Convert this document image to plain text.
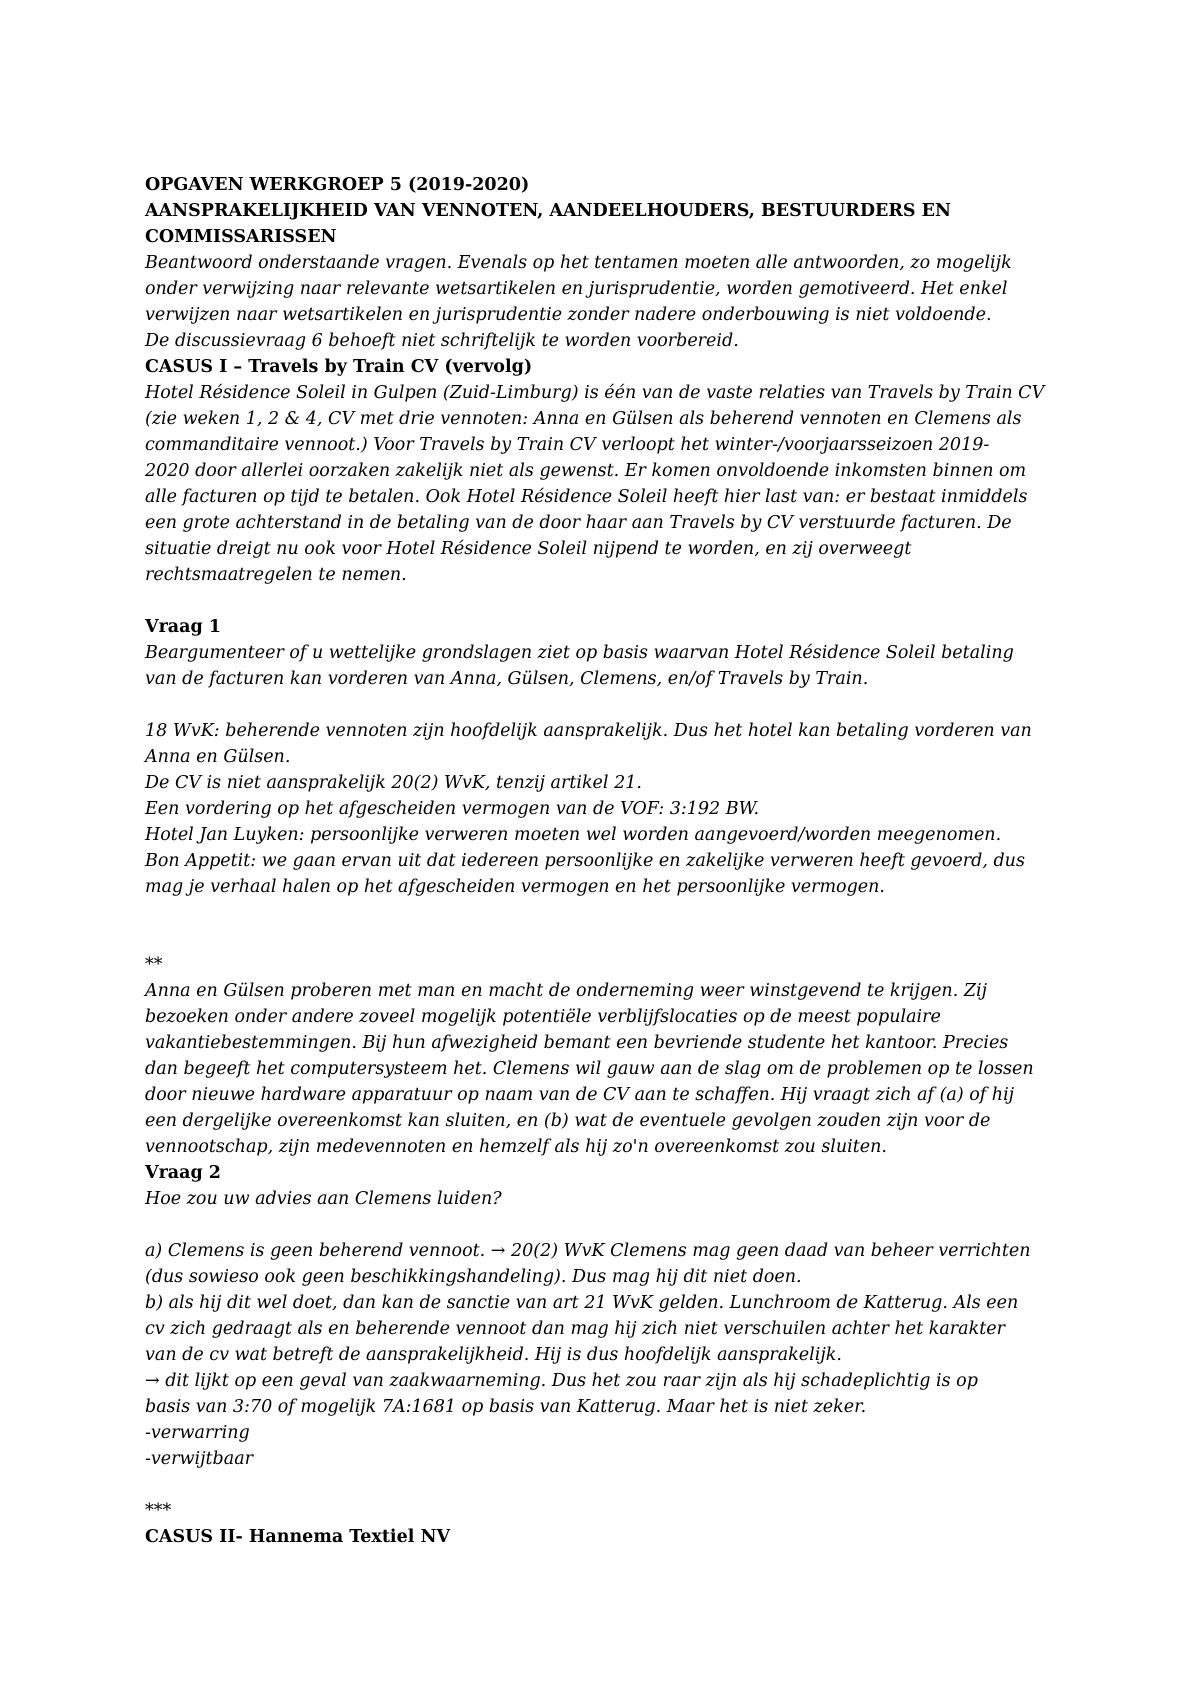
OPGAVEN WERKGROEP 5 (2019-2020)
AANSPRAKELIJKHEID VAN VENNOTEN, AANDEELHOUDERS, BESTUURDERS EN COMMISSARISSEN
Beantwoord onderstaande vragen. Evenals op het tentamen moeten alle antwoorden, zo mogelijk
onder verwijzing naar relevante wetsartikelen en jurisprudentie, worden gemotiveerd. Het enkel
verwijzen naar wetsartikelen en jurisprudentie zonder nadere onderbouwing is niet voldoende.
De discussievraag 6 behoeft niet schriftelijk te worden voorbereid.
CASUS I – Travels by Train CV (vervolg)
Hotel Résidence Soleil in Gulpen (Zuid-Limburg) is één van de vaste relaties van Travels by Train CV
(zie weken 1, 2 & 4, CV met drie vennoten: Anna en Gülsen als beherend vennoten en Clemens als
commanditaire vennoot.) Voor Travels by Train CV verloopt het winter-/voorjaarsseizoen 2019-
2020 door allerlei oorzaken zakelijk niet als gewenst. Er komen onvoldoende inkomsten binnen om
alle facturen op tijd te betalen. Ook Hotel Résidence Soleil heeft hier last van: er bestaat inmiddels
een grote achterstand in de betaling van de door haar aan Travels by CV verstuurde facturen. De
situatie dreigt nu ook voor Hotel Résidence Soleil nijpend te worden, en zij overweegt
rechtsmaatregelen te nemen.
Vraag 1
Beargumenteer of u wettelijke grondslagen ziet op basis waarvan Hotel Résidence Soleil betaling
van de facturen kan vorderen van Anna, Gülsen, Clemens, en/of Travels by Train.
18 WvK: beherende vennoten zijn hoofdelijk aansprakelijk. Dus het hotel kan betaling vorderen van
Anna en Gülsen.
De CV is niet aansprakelijk 20(2) WvK, tenzij artikel 21.
Een vordering op het afgescheiden vermogen van de VOF: 3:192 BW.
Hotel Jan Luyken: persoonlijke verweren moeten wel worden aangevoerd/worden meegenomen.
Bon Appetit: we gaan ervan uit dat iedereen persoonlijke en zakelijke verweren heeft gevoerd, dus
mag je verhaal halen op het afgescheiden vermogen en het persoonlijke vermogen.
**
Anna en Gülsen proberen met man en macht de onderneming weer winstgevend te krijgen. Zij
bezoeken onder andere zoveel mogelijk potentiële verblijfslocaties op de meest populaire
vakantiebestemmingen. Bij hun afwezigheid bemant een bevriende studente het kantoor. Precies
dan begeeft het computersysteem het. Clemens wil gauw aan de slag om de problemen op te lossen
door nieuwe hardware apparatuur op naam van de CV aan te schaffen. Hij vraagt zich af (a) of hij
een dergelijke overeenkomst kan sluiten, en (b) wat de eventuele gevolgen zouden zijn voor de
vennootschap, zijn medevennoten en hemzelf als hij zo'n overeenkomst zou sluiten.
Vraag 2
Hoe zou uw advies aan Clemens luiden?
a) Clemens is geen beherend vennoot. → 20(2) WvK Clemens mag geen daad van beheer verrichten
(dus sowieso ook geen beschikkingshandeling). Dus mag hij dit niet doen.
b) als hij dit wel doet, dan kan de sanctie van art 21 WvK gelden. Lunchroom de Katterug. Als een
cv zich gedraagt als en beherende vennoot dan mag hij zich niet verschuilen achter het karakter
van de cv wat betreft de aansprakelijkheid. Hij is dus hoofdelijk aansprakelijk.
→ dit lijkt op een geval van zaakwaarneming. Dus het zou raar zijn als hij schadeplichtig is op
basis van 3:70 of mogelijk 7A:1681 op basis van Katterug. Maar het is niet zeker.
-verwarring
-verwijtbaar
***
CASUS II- Hannema Textiel NV
